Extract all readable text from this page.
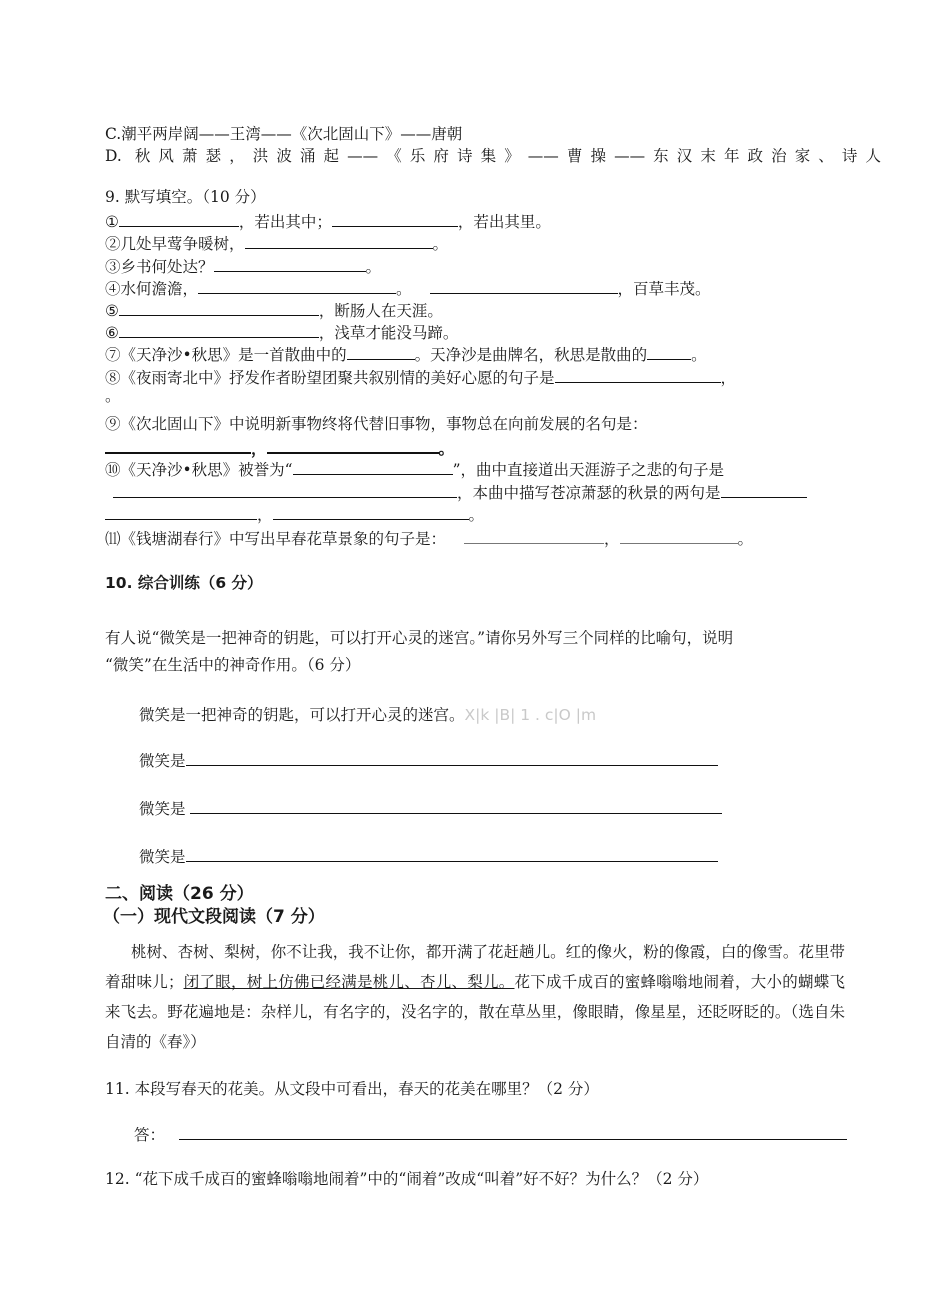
C.潮平两岸阔——王湾——《次北固山下》——唐朝
D. 秋风萧瑟，洪波涌起——《乐府诗集》——曹操——东汉末年政治家、诗人
9. 默写填空。（10 分）
①	，若出其中；	，若出其里。
②几处早莺争暖树，	。
③乡书何处达？	。
④水何澹澹，	。	，百草丰茂。
⑤	，断肠人在天涯。
⑥	，浅草才能没马蹄。
⑦《天净沙•秋思》是一首散曲中的	。天净沙是曲牌名，秋思是散曲的	。
⑧《夜雨寄北中》抒发作者盼望团聚共叙别情的美好心愿的句子是	，
。
⑨《次北固山下》中说明新事物终将代替旧事物，事物总在向前发展的名句是：
，	。
⑩《天净沙•秋思》被誉为“	”，曲中直接道出天涯游子之悲的句子是
，本曲中描写苍凉萧瑟的秋景的两句是
，	。
⑾《钱塘湖春行》中写出早春花草景象的句子是：	，	。
10. 综合训练（6 分）
有人说“微笑是一把神奇的钥匙，可以打开心灵的迷宫。”请你另外写三个同样的比喻句，说明
“微笑”在生活中的神奇作用。（6 分）
微笑是一把神奇的钥匙，可以打开心灵的迷宫。X|k |B| 1 . c|O |m
微笑是
微笑是
微笑是
二、阅读（26 分）
（一）现代文段阅读（7 分）
桃树、杏树、梨树，你不让我，我不让你，都开满了花赶趟儿。红的像火，粉的像霞，白的像雪。花里带着甜味儿；闭了眼，树上仿佛已经满是桃儿、杏儿、梨儿。花下成千成百的蜜蜂嗡嗡地闹着，大小的蝴蝶飞来飞去。野花遍地是：杂样儿，有名字的，没名字的，散在草丛里，像眼睛，像星星，还眨呀眨的。（选自朱自清的《春》）
11. 本段写春天的花美。从文段中可看出，春天的花美在哪里？（2 分）
答：
12. “花下成千成百的蜜蜂嗡嗡地闹着”中的“闹着”改成“叫着”好不好？为什么？（2 分）
